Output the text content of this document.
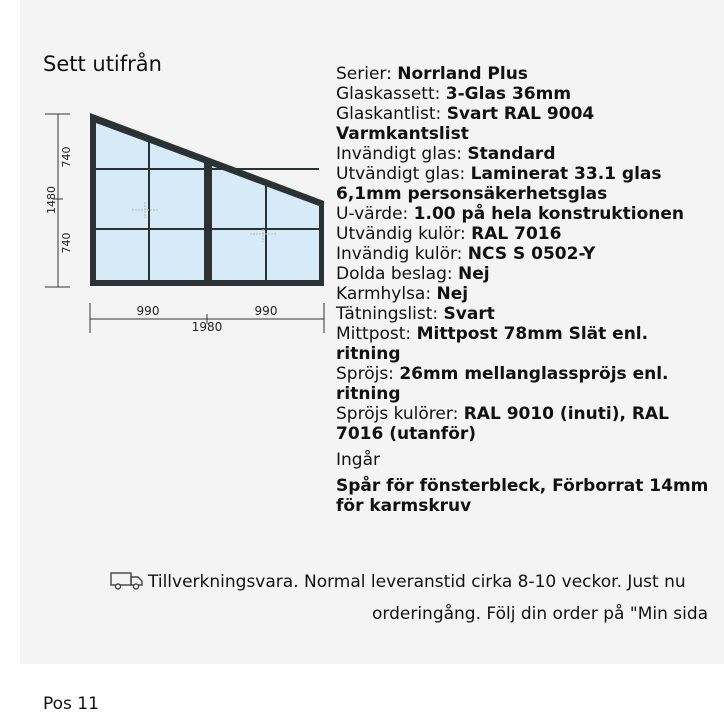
Sett utifrån
1480
740
740
990	990
1980
Serier: Norrland Plus
Glaskassett: 3-Glas 36mm
Glaskantlist: Svart RAL 9004 Varmkantslist
Invändigt glas: Standard
Utvändigt glas: Laminerat 33.1 glas 6,1mm personsäkerhetsglas
U-värde: 1.00 på hela konstruktionen
Utvändig kulör: RAL 7016
Invändig kulör: NCS S 0502-Y
Dolda beslag: Nej
Karmhylsa: Nej
Tätningslist: Svart
Mittpost: Mittpost 78mm Slät enl. ritning
Spröjs: 26mm mellanglasspröjs enl. ritning
Spröjs kulörer: RAL 9010 (inuti), RAL 7016 (utanför)
Ingår
Spår för fönsterbleck, Förborrat 14mm för karmskruv
Tillverkningsvara. Normal leveranstid cirka 8-10 veckor. Just nu
orderingång. Följ din order på "Min sida
Pos 11
